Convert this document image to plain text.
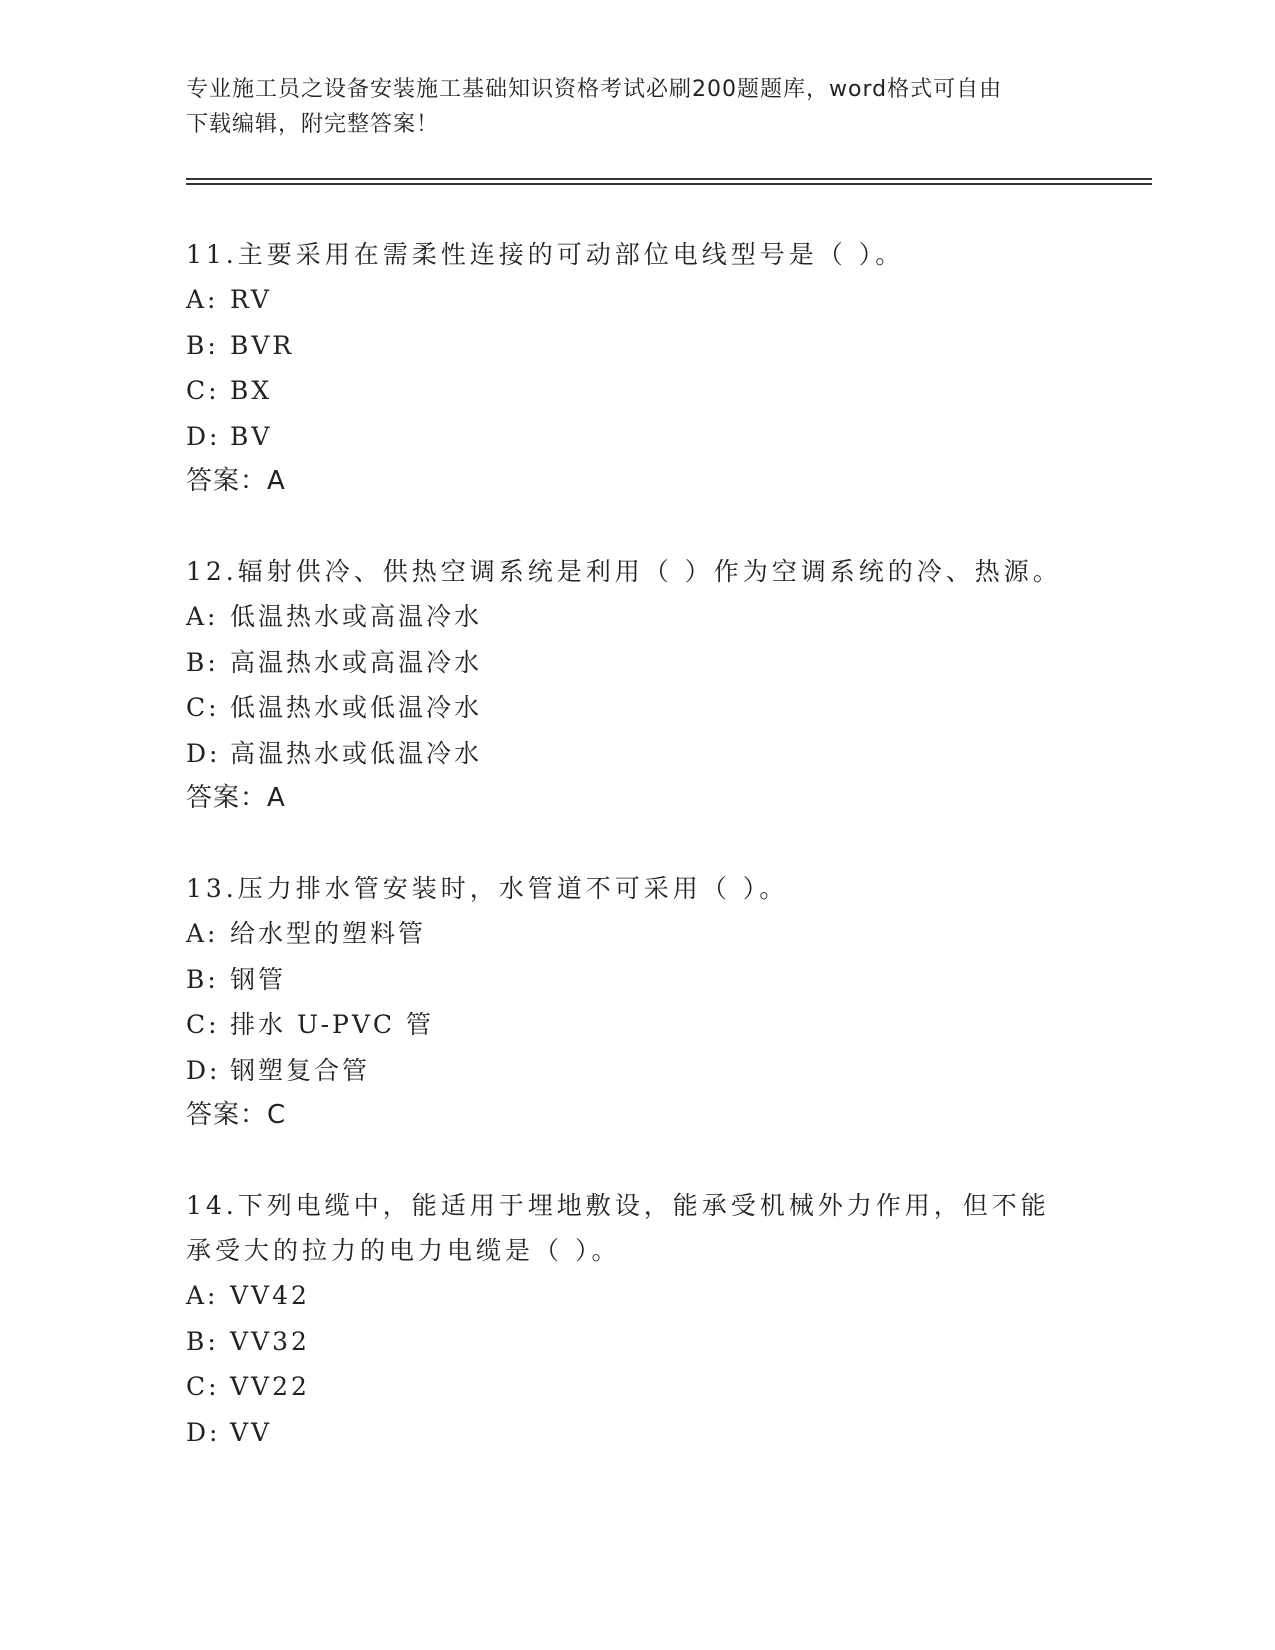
专业施工员之设备安装施工基础知识资格考试必刷200题题库，word格式可自由
下载编辑，附完整答案！

11.主要采用在需柔性连接的可动部位电线型号是（ ）。

A: RV

B: BVR

C: BX

D: BV

答案：A

12.辐射供冷、供热空调系统是利用（ ）作为空调系统的冷、热源。

A: 低温热水或高温冷水

B: 高温热水或高温冷水

C: 低温热水或低温冷水

D: 高温热水或低温冷水

答案：A

13.压力排水管安装时，水管道不可采用（ ）。

A: 给水型的塑料管

B: 钢管

C: 排水 U-PVC 管

D: 钢塑复合管

答案：C

14.下列电缆中，能适用于埋地敷设，能承受机械外力作用，但不能承受大的拉力的电力电缆是（ ）。

A: VV42

B: VV32

C: VV22

D: VV
